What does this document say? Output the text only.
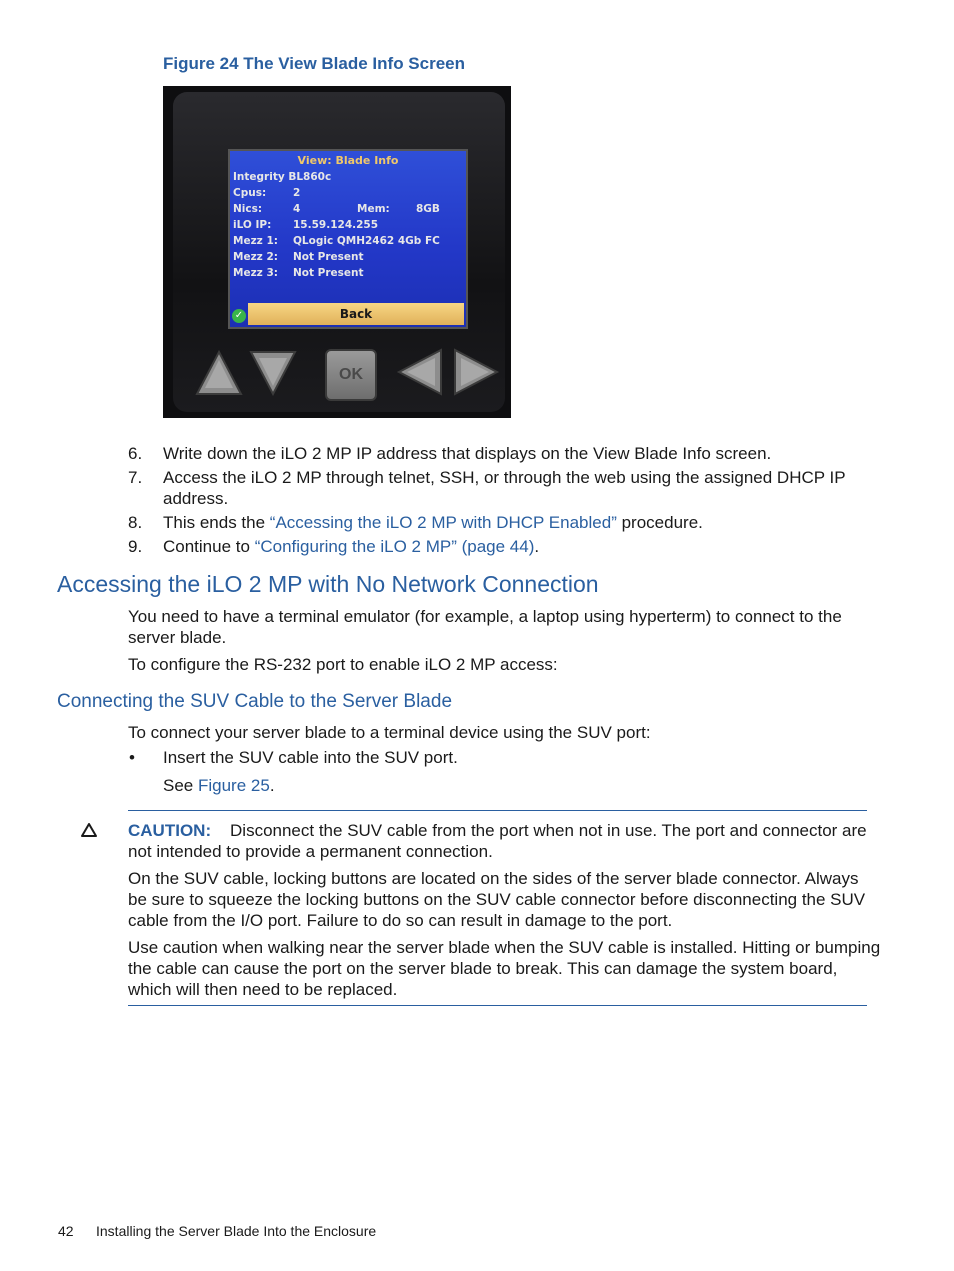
Figure 24 The View Blade Info Screen
View: Blade Info
Integrity BL860c
Cpus:	2
Nics:	4	Mem:	8GB
iLO IP: 15.59.124.255
Mezz 1: QLogic QMH2462 4Gb FC
Mezz 2: Not Present
Mezz 3: Not Present
✓	Back
OK
6.	Write down the iLO 2 MP IP address that displays on the View Blade Info screen.
7.	Access the iLO 2 MP through telnet, SSH, or through the web using the assigned DHCP IP
address.
8.	This ends the “Accessing the iLO 2 MP with DHCP Enabled” procedure.
9.	Continue to “Configuring the iLO 2 MP” (page 44).
Accessing the iLO 2 MP with No Network Connection
You need to have a terminal emulator (for example, a laptop using hyperterm) to connect to the
server blade.
To configure the RS-232 port to enable iLO 2 MP access:
Connecting the SUV Cable to the Server Blade
To connect your server blade to a terminal device using the SUV port:
• Insert the SUV cable into the SUV port.
See Figure 25.
CAUTION: Disconnect the SUV cable from the port when not in use. The port and connector are
not intended to provide a permanent connection.
On the SUV cable, locking buttons are located on the sides of the server blade connector. Always
be sure to squeeze the locking buttons on the SUV cable connector before disconnecting the SUV
cable from the I/O port. Failure to do so can result in damage to the port.
Use caution when walking near the server blade when the SUV cable is installed. Hitting or bumping
the cable can cause the port on the server blade to break. This can damage the system board,
which will then need to be replaced.
42 Installing the Server Blade Into the Enclosure
